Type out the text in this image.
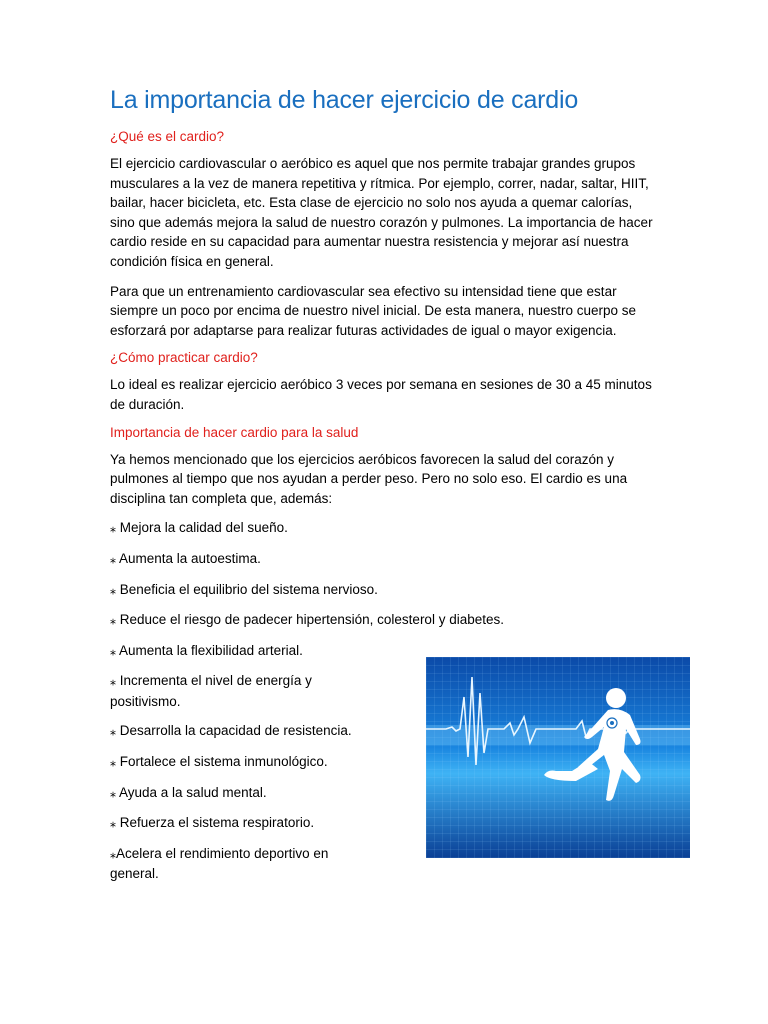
La importancia de hacer ejercicio de cardio
¿Qué es el cardio?

El ejercicio cardiovascular o aeróbico es aquel que nos permite trabajar grandes grupos musculares a la vez de manera repetitiva y rítmica. Por ejemplo, correr, nadar, saltar, HIIT, bailar, hacer bicicleta, etc. Esta clase de ejercicio no solo nos ayuda a quemar calorías, sino que además mejora la salud de nuestro corazón y pulmones. La importancia de hacer cardio reside en su capacidad para aumentar nuestra resistencia y mejorar así nuestra condición física en general.

Para que un entrenamiento cardiovascular sea efectivo su intensidad tiene que estar siempre un poco por encima de nuestro nivel inicial. De esta manera, nuestro cuerpo se esforzará por adaptarse para realizar futuras actividades de igual o mayor exigencia.

¿Cómo practicar cardio?

Lo ideal es realizar ejercicio aeróbico 3 veces por semana en sesiones de 30 a 45 minutos de duración.

Importancia de hacer cardio para la salud

Ya hemos mencionado que los ejercicios aeróbicos favorecen la salud del corazón y pulmones al tiempo que nos ayudan a perder peso. Pero no solo eso. El cardio es una disciplina tan completa que, además:

⁎ Mejora la calidad del sueño.

⁎ Aumenta la autoestima.

⁎ Beneficia el equilibrio del sistema nervioso.

⁎ Reduce el riesgo de padecer hipertensión, colesterol y diabetes.

⁎ Aumenta la flexibilidad arterial.

⁎ Incrementa el nivel de energía y positivismo.

⁎ Desarrolla la capacidad de resistencia.

⁎ Fortalece el sistema inmunológico.

⁎ Ayuda a la salud mental.

⁎ Refuerza el sistema respiratorio.

⁎Acelera el rendimiento deportivo en general.
